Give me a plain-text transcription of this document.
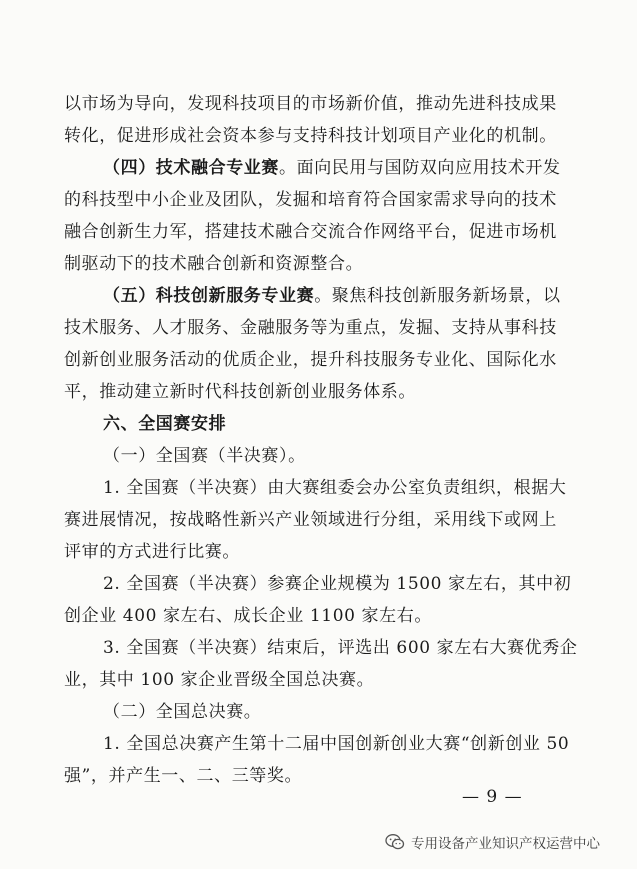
以市场为导向，发现科技项目的市场新价值，推动先进科技成果
转化，促进形成社会资本参与支持科技计划项目产业化的机制。
（四）技术融合专业赛。面向民用与国防双向应用技术开发
的科技型中小企业及团队，发掘和培育符合国家需求导向的技术
融合创新生力军，搭建技术融合交流合作网络平台，促进市场机
制驱动下的技术融合创新和资源整合。
（五）科技创新服务专业赛。聚焦科技创新服务新场景，以
技术服务、人才服务、金融服务等为重点，发掘、支持从事科技
创新创业服务活动的优质企业，提升科技服务专业化、国际化水
平，推动建立新时代科技创新创业服务体系。
六、全国赛安排
（一）全国赛（半决赛）。
1. 全国赛（半决赛）由大赛组委会办公室负责组织，根据大
赛进展情况，按战略性新兴产业领域进行分组，采用线下或网上
评审的方式进行比赛。
2. 全国赛（半决赛）参赛企业规模为 1500 家左右，其中初
创企业 400 家左右、成长企业 1100 家左右。
3. 全国赛（半决赛）结束后，评选出 600 家左右大赛优秀企
业，其中 100 家企业晋级全国总决赛。
（二）全国总决赛。
1. 全国总决赛产生第十二届中国创新创业大赛“创新创业 50
强”，并产生一、二、三等奖。
— 9 —
专用设备产业知识产权运营中心
